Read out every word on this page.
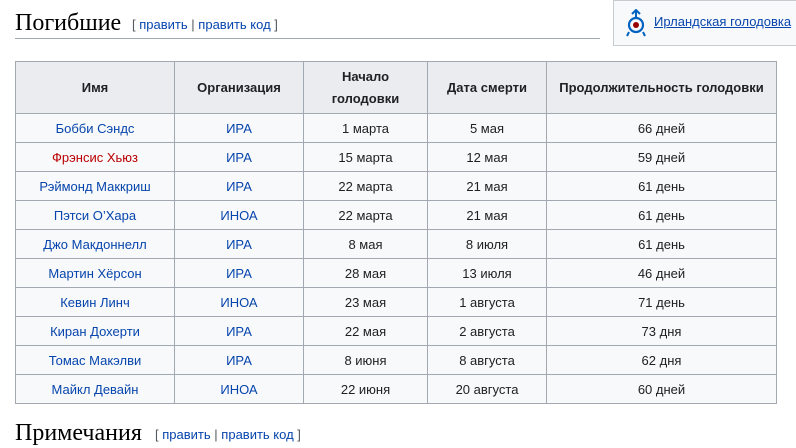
Погибшие [ править | править код ]	Ирландская голодовка
Имя	Организация	Начало голодовки	Дата смерти	Продолжительность голодовки
Бобби Сэндс	ИРА	1 марта	5 мая	66 дней
Фрэнсис Хьюз	ИРА	15 марта	12 мая	59 дней
Рэймонд Маккриш	ИРА	22 марта	21 мая	61 день
Пэтси О’Хара	ИНОА	22 марта	21 мая	61 день
Джо Макдоннелл	ИРА	8 мая	8 июля	61 день
Мартин Хёрсон	ИРА	28 мая	13 июля	46 дней
Кевин Линч	ИНОА	23 мая	1 августа	71 день
Киран Дохерти	ИРА	22 мая	2 августа	73 дня
Томас Макэлви	ИРА	8 июня	8 августа	62 дня
Майкл Девайн	ИНОА	22 июня	20 августа	60 дней
Примечания [ править | править код ]
